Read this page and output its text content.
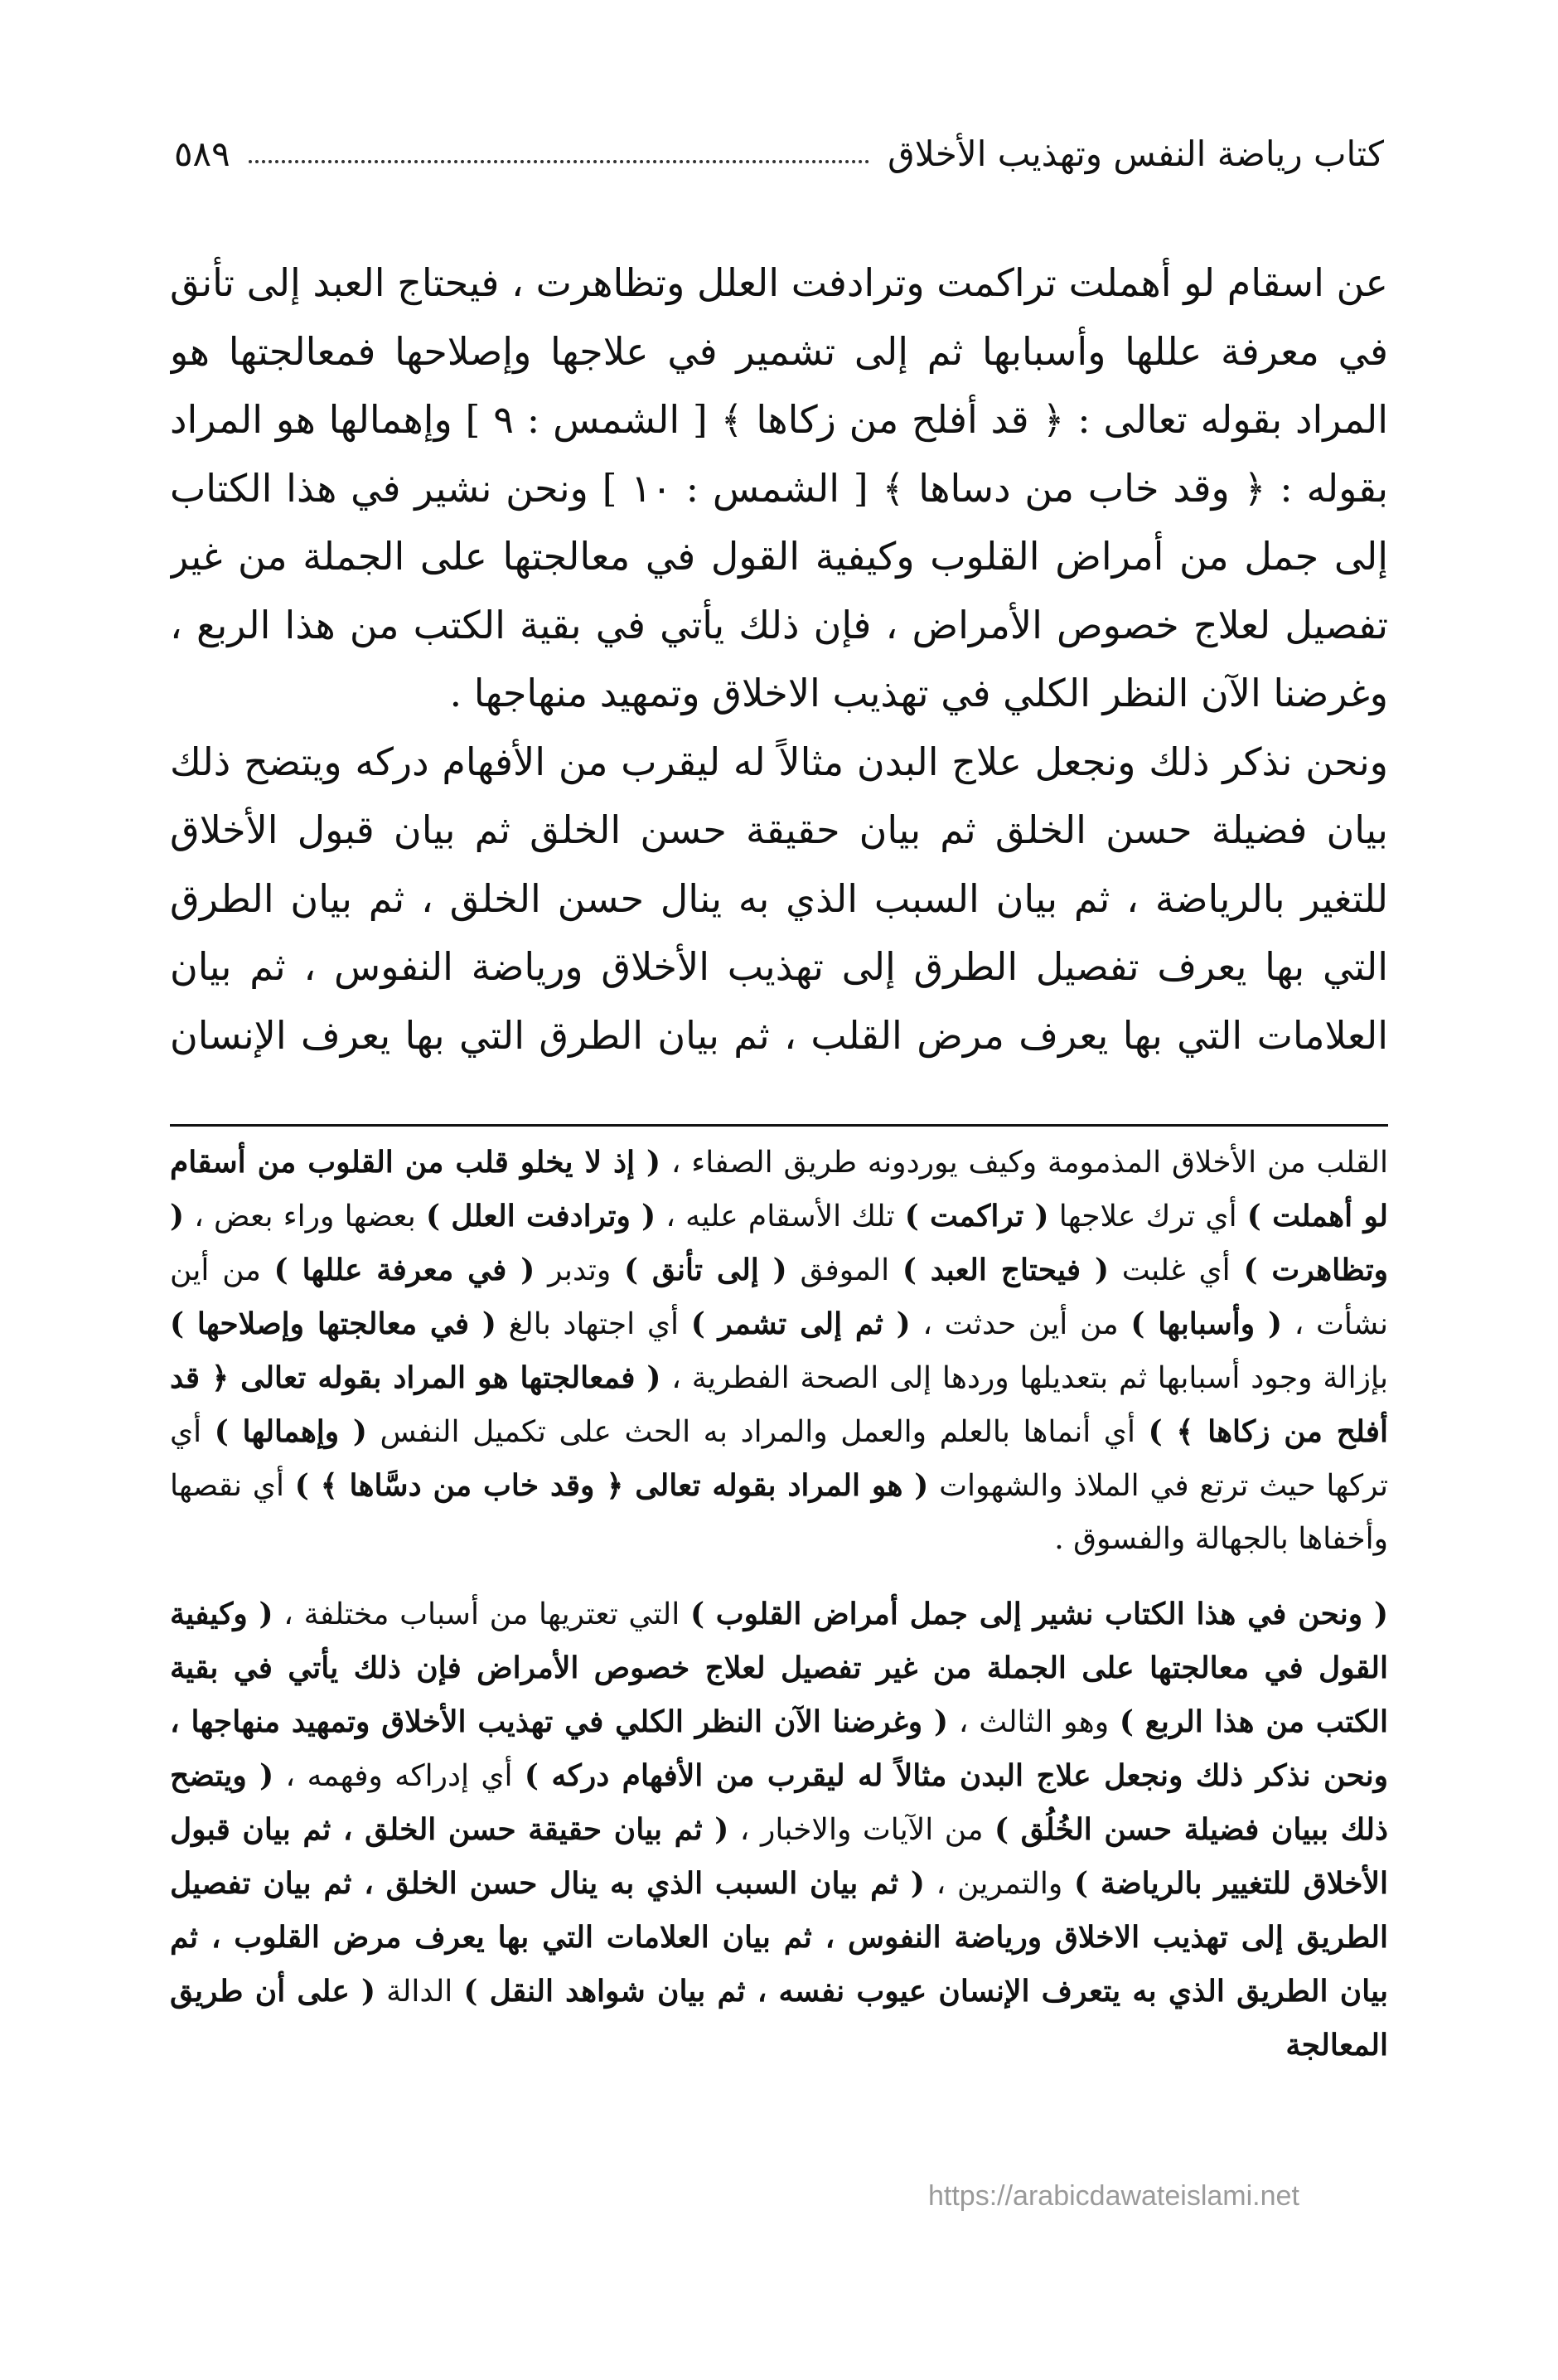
كتاب رياضة النفس وتهذيب الأخلاق
٥٨٩

عن اسقام لو أهملت تراكمت وترادفت العلل وتظاهرت ، فيحتاج العبد إلى تأنق في معرفة عللها وأسبابها ثم إلى تشمير في علاجها وإصلاحها فمعالجتها هو المراد بقوله تعالى : ﴿ قد أفلح من زكاها ﴾ [ الشمس : ٩ ] وإهمالها هو المراد بقوله : ﴿ وقد خاب من دساها ﴾ [ الشمس : ١٠ ] ونحن نشير في هذا الكتاب إلى جمل من أمراض القلوب وكيفية القول في معالجتها على الجملة من غير تفصيل لعلاج خصوص الأمراض ، فإن ذلك يأتي في بقية الكتب من هذا الربع ، وغرضنا الآن النظر الكلي في تهذيب الاخلاق وتمهيد منهاجها .

ونحن نذكر ذلك ونجعل علاج البدن مثالاً له ليقرب من الأفهام دركه ويتضح ذلك بيان فضيلة حسن الخلق ثم بيان حقيقة حسن الخلق ثم بيان قبول الأخلاق للتغير بالرياضة ، ثم بيان السبب الذي به ينال حسن الخلق ، ثم بيان الطرق التي بها يعرف تفصيل الطرق إلى تهذيب الأخلاق ورياضة النفوس ، ثم بيان العلامات التي بها يعرف مرض القلب ، ثم بيان الطرق التي بها يعرف الإنسان

القلب من الأخلاق المذمومة وكيف يوردونه طريق الصفاء ، ( إذ لا يخلو قلب من القلوب من أسقام لو أهملت ) أي ترك علاجها ( تراكمت ) تلك الأسقام عليه ، ( وترادفت العلل ) بعضها وراء بعض ، ( وتظاهرت ) أي غلبت ( فيحتاج العبد ) الموفق ( إلى تأنق ) وتدبر ( في معرفة عللها ) من أين نشأت ، ( وأسبابها ) من أين حدثت ، ( ثم إلى تشمر ) أي اجتهاد بالغ ( في معالجتها وإصلاحها ) بإزالة وجود أسبابها ثم بتعديلها وردها إلى الصحة الفطرية ، ( فمعالجتها هو المراد بقوله تعالى ﴿ قد أفلح من زكاها ﴾ ) أي أنماها بالعلم والعمل والمراد به الحث على تكميل النفس ( وإهمالها ) أي تركها حيث ترتع في الملاذ والشهوات ( هو المراد بقوله تعالى ﴿ وقد خاب من دسَّاها ﴾ ) أي نقصها وأخفاها بالجهالة والفسوق .

( ونحن في هذا الكتاب نشير إلى جمل أمراض القلوب ) التي تعتريها من أسباب مختلفة ، ( وكيفية القول في معالجتها على الجملة من غير تفصيل لعلاج خصوص الأمراض فإن ذلك يأتي في بقية الكتب من هذا الربع ) وهو الثالث ، ( وغرضنا الآن النظر الكلي في تهذيب الأخلاق وتمهيد منهاجها ، ونحن نذكر ذلك ونجعل علاج البدن مثالاً له ليقرب من الأفهام دركه ) أي إدراكه وفهمه ، ( ويتضح ذلك ببيان فضيلة حسن الخُلُق ) من الآيات والاخبار ، ( ثم بيان حقيقة حسن الخلق ، ثم بيان قبول الأخلاق للتغيير بالرياضة ) والتمرين ، ( ثم بيان السبب الذي به ينال حسن الخلق ، ثم بيان تفصيل الطريق إلى تهذيب الاخلاق ورياضة النفوس ، ثم بيان العلامات التي بها يعرف مرض القلوب ، ثم بيان الطريق الذي به يتعرف الإنسان عيوب نفسه ، ثم بيان شواهد النقل ) الدالة ( على أن طريق المعالجة

https://arabicdawateislami.net
